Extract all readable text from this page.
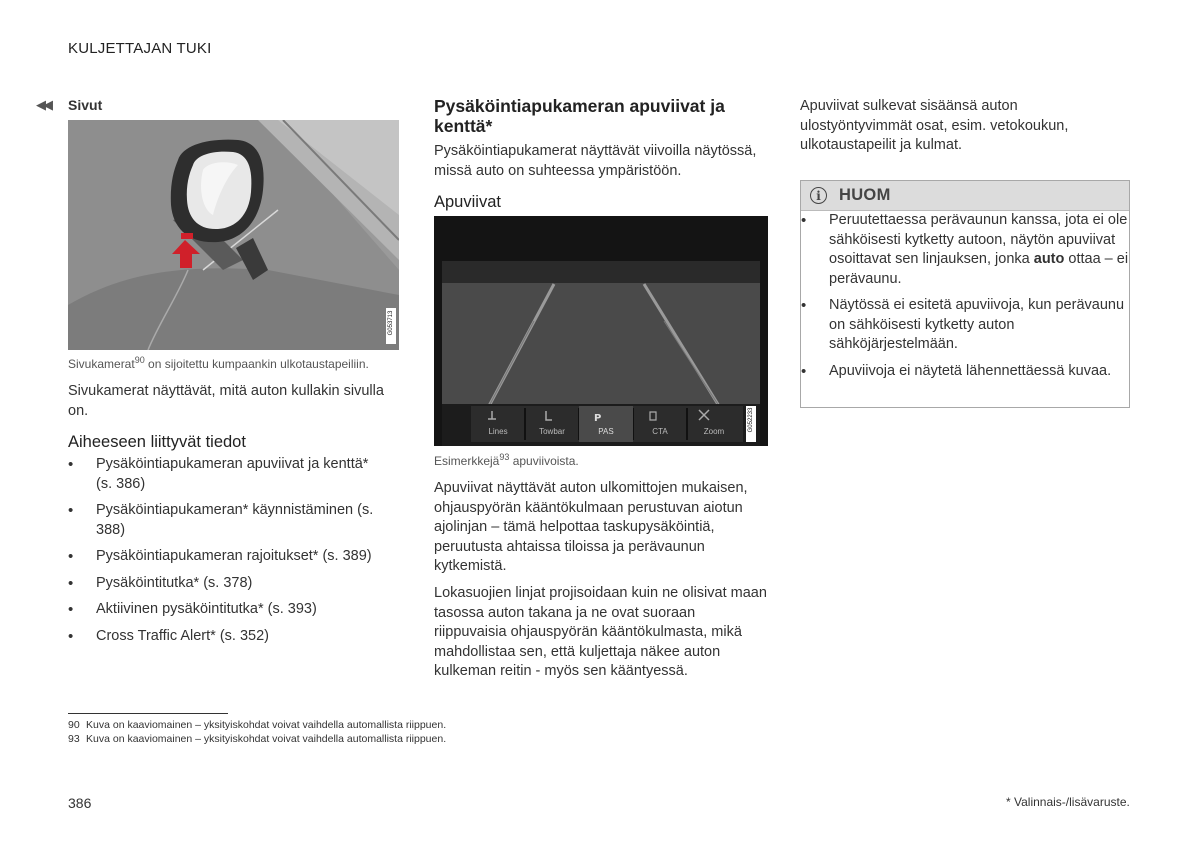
KULJETTAJAN TUKI
◀◀ Sivut
G053713
Sivukamerat$^{90}$ on sijoitettu kumpaankin ulkotaustapeiliin.
Sivukamerat näyttävät, mitä auton kullakin sivulla on.
Aiheeseen liittyvät tiedot
• Pysäköintiapukameran apuviivat ja kenttä* (s. 386)
• Pysäköintiapukameran* käynnistäminen (s. 388)
• Pysäköintiapukameran rajoitukset* (s. 389)
• Pysäköintitutka* (s. 378)
• Aktiivinen pysäköintitutka* (s. 393)
• Cross Traffic Alert* (s. 352)
Pysäköintiapukameran apuviivat ja kenttä*
Pysäköintiapukamerat näyttävät viivoilla näytössä, missä auto on suhteessa ympäristöön.
Apuviivat
P
Lines	Towbar	PAS	CTA	Zoom	G052233
Esimerkkejä$^{93}$ apuviivoista.
Apuviivat näyttävät auton ulkomittojen mukaisen, ohjauspyörän kääntökulmaan perustuvan aiotun ajolinjan – tämä helpottaa taskupysäköintiä, peruutusta ahtaissa tiloissa ja perävaunun kytkemistä.
Lokasuojien linjat projisoidaan kuin ne olisivat maan tasossa auton takana ja ne ovat suoraan riippuvaisia ohjauspyörän kääntökulmasta, mikä mahdollistaa sen, että kuljettaja näkee auton kulkeman reitin - myös sen kääntyessä.
Apuviivat sulkevat sisäänsä auton ulostyöntyvimmät osat, esim. vetokoukun, ulkotaustapeilit ja kulmat.
i	HUOM
• Peruutettaessa perävaunun kanssa, jota ei ole sähköisesti kytketty autoon, näytön apuviivat osoittavat sen linjauksen, jonka auto ottaa – ei perävaunu.
• Näytössä ei esitetä apuviivoja, kun perävaunu on sähköisesti kytketty auton sähköjärjestelmään.
• Apuviivoja ei näytetä lähennettäessä kuvaa.
90 Kuva on kaaviomainen – yksityiskohdat voivat vaihdella automallista riippuen.
93 Kuva on kaaviomainen – yksityiskohdat voivat vaihdella automallista riippuen.
386	* Valinnais-/lisävaruste.
